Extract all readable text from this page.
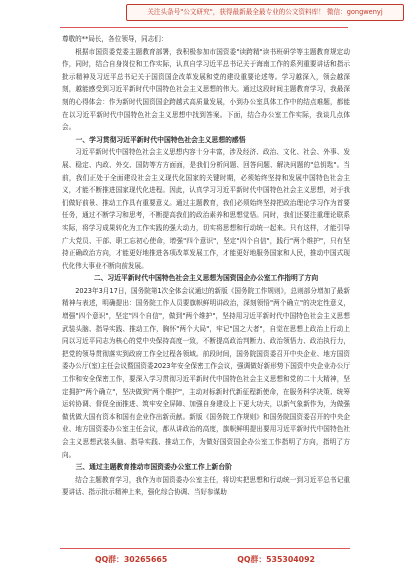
关注头条号"公文研究"，获得最新最全最专业的公文资料库！ 微信：gongwenyj

尊敬的**局长，各位领导，同志们：

根据市国资委党委主题教育部署，我积极参加市国资委"读跨精"读书班研学等主题教育规定动作，同时，结合自身岗位和工作实际，认真自学习近平总书记关于海南工作的系列重要讲话和指示批示精神及习近平总书记关于国资国企改革发展和党的建设重要论述等。学习越深入，领会越深刻，越能感受到习近平新时代中国特色社会主义思想的伟大。通过这段时间主题教育学习，我最深刻的心得体会：作为新时代国资国企跨越式高质量发展，小到办公室具体工作中的结点难题，都能在以习近平新时代中国特色社会主义思想中找到答案。下面，结合办公室工作实际，我谈几点体会。

一、学习贯彻习近平新时代中国特色社会主义思想的感悟

习近平新时代中国特色社会主义思想内容十分丰富，涉及经济、政治、文化、社会、外事、发展、稳定、内政、外交、国防等方方面面，是我们分析问题、回答问题、解决问题的"总钥匙"。当前，我们正处于全面建设社会主义现代化国家的关键时期，必须始终坚持和发展中国特色社会主义，才能不断推进国家现代化进程。因此，认真学习习近平新时代中国特色社会主义思想，对于我们做好前景、推动工作具有重要意义。通过主题教育，我们必须始终坚持把政治理论学习作为首要任务，通过不断学习和思考，不断提高我们的政治素养和思想觉悟。同时，我们还要注重理论联系实际，将学习成果转化为工作实践的强大动力，切实将思想和行动统一起来。只有这样，才能引导广大党员、干部、职工忘初心使命，增强"四个意识"，坚定"四个自信"，践行"两个维护"，只有坚持正确政治方向，才能更好地推进各项改革发展工作，才能更好地服务国家和人民，推动中国式现代化伟大事业不断向前发展。

二、习近平新时代中国特色社会主义思想为国资国企办公室工作指明了方向

2023年3月17日，国务院第1次全体会议通过的新版《国务院工作规则》，总则部分增加了最新精神与表述，明确提出：国务院工作人员要旗帜鲜明讲政治，深刻领悟"两个确立"的决定性意义，增强"四个意识"，坚定"四个自信"，做到"两个维护"，坚持用习近平新时代中国特色社会主义思想武装头脑、指导实践、推动工作，胸怀"两个大局"，牢记"国之大者"，自觉在思想上政治上行动上同以习近平同志为核心的党中央保持高度一致，不断提高政治判断力、政治领悟力、政治执行力，把党的领导贯彻落实到政府工作全过程各领域。前段时间，国务院国资委召开中央企业、地方国资委办公厅(室)主任会议暨国资委2023年安全保密工作会议，强调做好新形势下国资中央企业办公厅工作和安全保密工作，要深入学习贯彻习近平新时代中国特色社会主义思想和党的二十大精神，坚定拥护"两个确立"，坚决做到"两个维护"，主动对标新时代新征程新使命，在服务科学决策、统筹运转协调、督促全面推进、筑牢安全屏障、加强自身建设上下更大功夫，以新气象新作为，为做强做优做大国有资本和国有企业作出新贡献。新版《国务院工作规则》和国务院国资委召开的中央企业、地方国资委办公室主任会议，都从讲政治的高度，旗帜鲜明提出要用习近平新时代中国特色社会主义思想武装头脑、指导实践、推动工作，为做好国资国企办公室工作指明了方向，指明了方向。

三、通过主题教育推动市国资委办公室工作上新台阶

结合主题教育学习，我作为市国资委办公室主任，将切实把思想和行动统一到习近平总书记重要讲话、指示批示精神上来，强化综合协调、当好参谋助

QQ群：30265665	QQ群：535304092
